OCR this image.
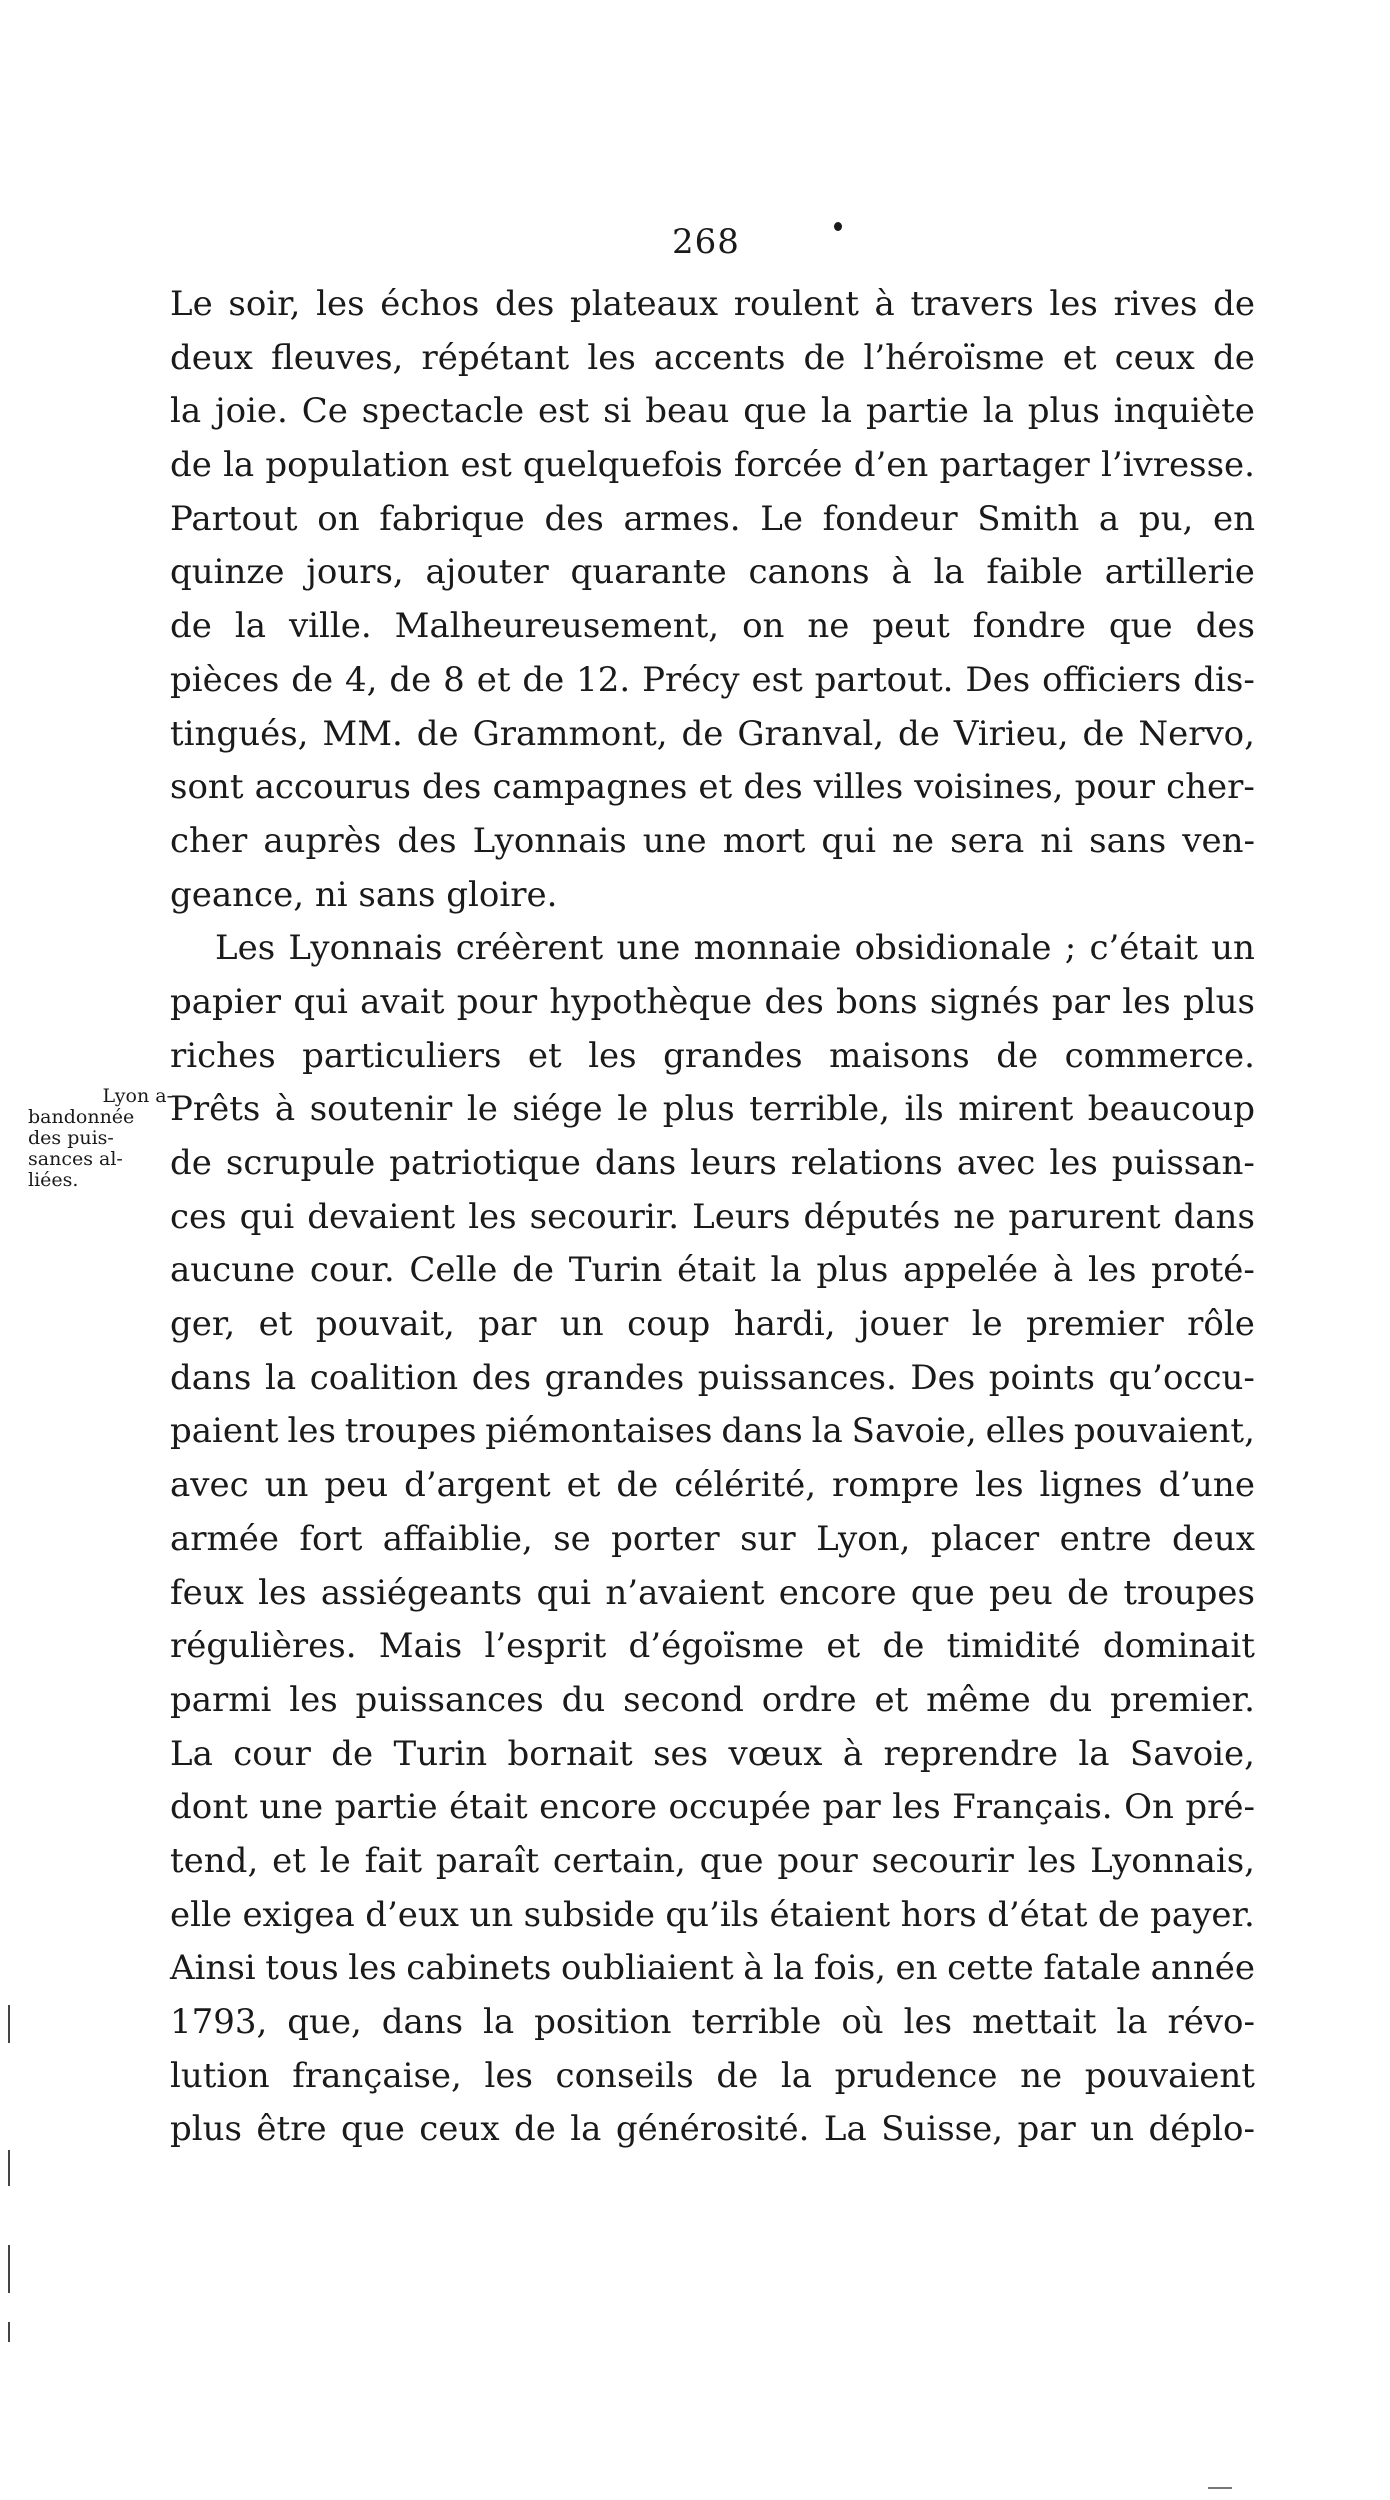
268
Lyon a-
bandonnée
des puis-
sances al-
liées.
Le soir, les échos des plateaux roulent à travers les rives de
deux fleuves, répétant les accents de l’héroïsme et ceux de
la joie. Ce spectacle est si beau que la partie la plus inquiète
de la population est quelquefois forcée d’en partager l’ivresse.
Partout on fabrique des armes. Le fondeur Smith a pu, en
quinze jours, ajouter quarante canons à la faible artillerie
de la ville. Malheureusement, on ne peut fondre que des
pièces de 4, de 8 et de 12. Précy est partout. Des officiers dis-
tingués, MM. de Grammont, de Granval, de Virieu, de Nervo,
sont accourus des campagnes et des villes voisines, pour cher-
cher auprès des Lyonnais une mort qui ne sera ni sans ven-
geance, ni sans gloire.
Les Lyonnais créèrent une monnaie obsidionale ; c’était un
papier qui avait pour hypothèque des bons signés par les plus
riches particuliers et les grandes maisons de commerce.
Prêts à soutenir le siége le plus terrible, ils mirent beaucoup
de scrupule patriotique dans leurs relations avec les puissan-
ces qui devaient les secourir. Leurs députés ne parurent dans
aucune cour. Celle de Turin était la plus appelée à les proté-
ger, et pouvait, par un coup hardi, jouer le premier rôle
dans la coalition des grandes puissances. Des points qu’occu-
paient les troupes piémontaises dans la Savoie, elles pouvaient,
avec un peu d’argent et de célérité, rompre les lignes d’une
armée fort affaiblie, se porter sur Lyon, placer entre deux
feux les assiégeants qui n’avaient encore que peu de troupes
régulières. Mais l’esprit d’égoïsme et de timidité dominait
parmi les puissances du second ordre et même du premier.
La cour de Turin bornait ses vœux à reprendre la Savoie,
dont une partie était encore occupée par les Français. On pré-
tend, et le fait paraît certain, que pour secourir les Lyonnais,
elle exigea d’eux un subside qu’ils étaient hors d’état de payer.
Ainsi tous les cabinets oubliaient à la fois, en cette fatale année
1793, que, dans la position terrible où les mettait la révo-
lution française, les conseils de la prudence ne pouvaient
plus être que ceux de la générosité. La Suisse, par un déplo-
